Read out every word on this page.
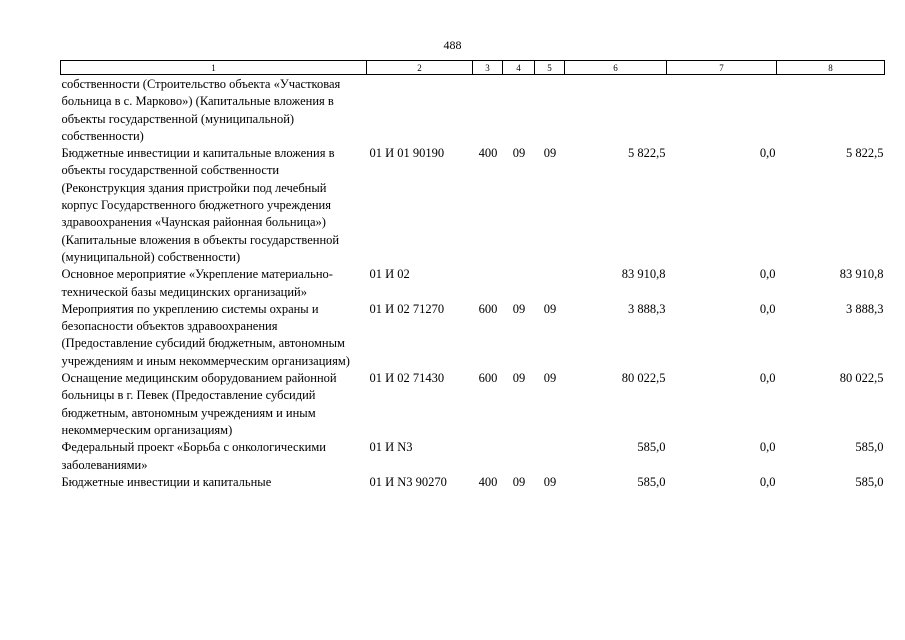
488
1	2	3	4	5	6	7	8
собственности (Строительство объекта «Участковая больница в с. Марково») (Капитальные вложения в объекты государственной (муниципальной) собственности)							
Бюджетные инвестиции и капитальные вложения в объекты государственной собственности (Реконструкция здания пристройки под лечебный корпус Государственного бюджетного учреждения здравоохранения «Чаунская районная больница») (Капитальные вложения в объекты государственной (муниципальной) собственности)	01 И 01 90190	400	09	09	5 822,5	0,0	5 822,5
Основное мероприятие «Укрепление материально-технической базы медицинских организаций»	01 И 02				83 910,8	0,0	83 910,8
Мероприятия по укреплению системы охраны и безопасности объектов здравоохранения (Предоставление субсидий бюджетным, автономным учреждениям и иным некоммерческим организациям)	01 И 02 71270	600	09	09	3 888,3	0,0	3 888,3
Оснащение медицинским оборудованием районной больницы в г. Певек (Предоставление субсидий бюджетным, автономным учреждениям и иным некоммерческим организациям)	01 И 02 71430	600	09	09	80 022,5	0,0	80 022,5
Федеральный проект «Борьба с онкологическими заболеваниями»	01 И N3				585,0	0,0	585,0
Бюджетные инвестиции и капитальные	01 И N3 90270	400	09	09	585,0	0,0	585,0
